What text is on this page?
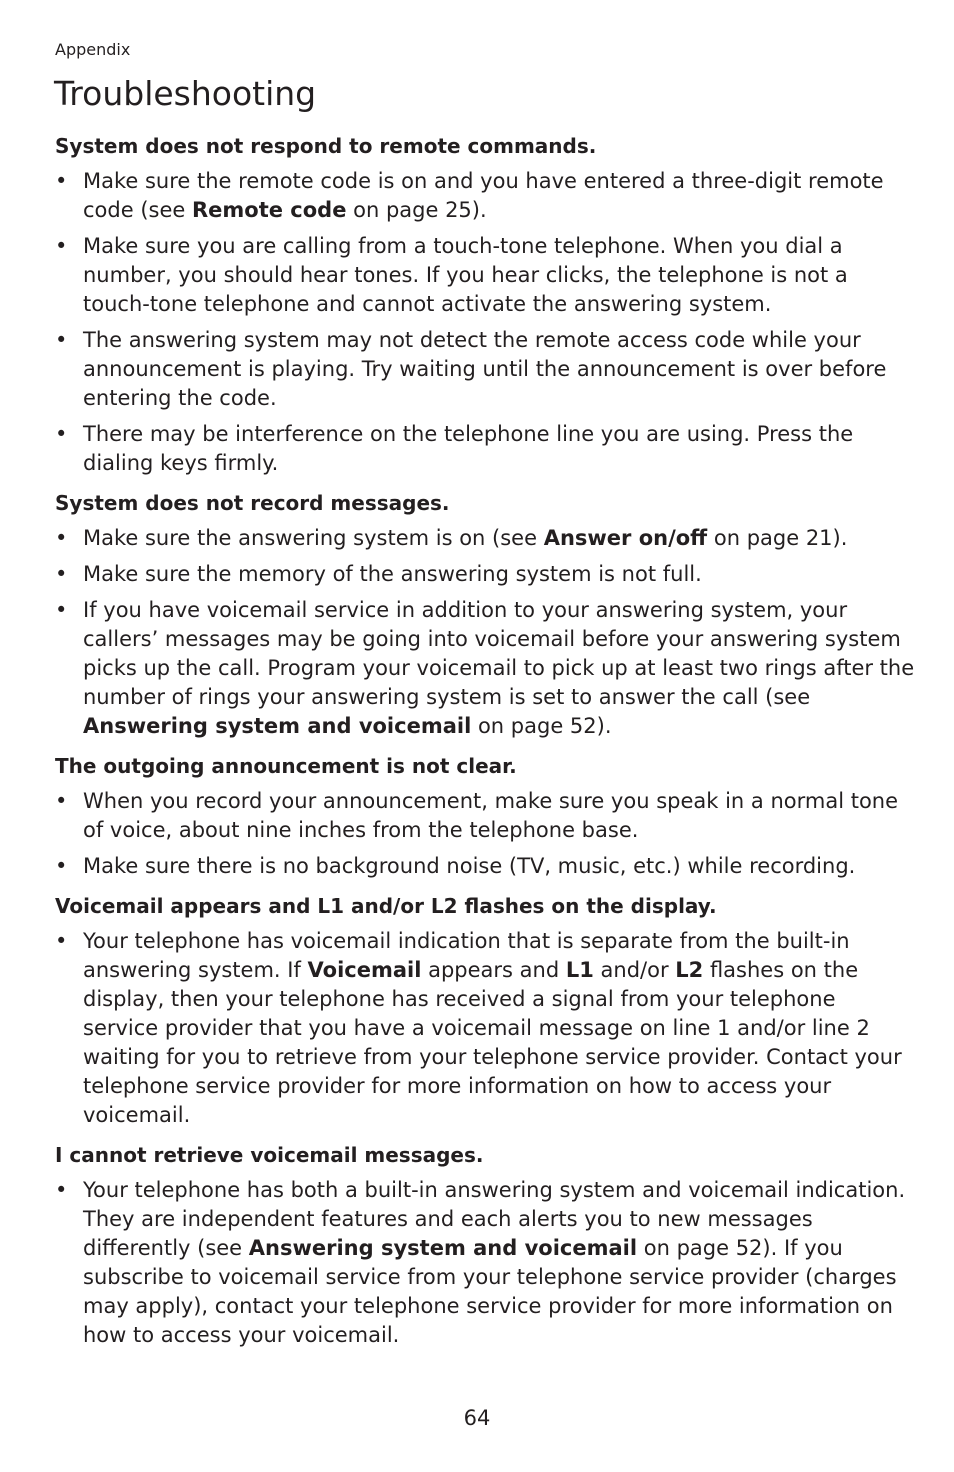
Appendix
Troubleshooting
System does not respond to remote commands.
• Make sure the remote code is on and you have entered a three-digit remote code (see Remote code on page 25).
• Make sure you are calling from a touch-tone telephone. When you dial a number, you should hear tones. If you hear clicks, the telephone is not a touch-tone telephone and cannot activate the answering system.
• The answering system may not detect the remote access code while your announcement is playing. Try waiting until the announcement is over before entering the code.
• There may be interference on the telephone line you are using. Press the dialing keys firmly.
System does not record messages.
• Make sure the answering system is on (see Answer on/off on page 21).
• Make sure the memory of the answering system is not full.
• If you have voicemail service in addition to your answering system, your callers’ messages may be going into voicemail before your answering system picks up the call. Program your voicemail to pick up at least two rings after the number of rings your answering system is set to answer the call (see Answering system and voicemail on page 52).
The outgoing announcement is not clear.
• When you record your announcement, make sure you speak in a normal tone of voice, about nine inches from the telephone base.
• Make sure there is no background noise (TV, music, etc.) while recording.
Voicemail appears and L1 and/or L2 flashes on the display.
• Your telephone has voicemail indication that is separate from the built-in answering system. If Voicemail appears and L1 and/or L2 flashes on the display, then your telephone has received a signal from your telephone service provider that you have a voicemail message on line 1 and/or line 2 waiting for you to retrieve from your telephone service provider. Contact your telephone service provider for more information on how to access your voicemail.
I cannot retrieve voicemail messages.
• Your telephone has both a built-in answering system and voicemail indication. They are independent features and each alerts you to new messages differently (see Answering system and voicemail on page 52). If you subscribe to voicemail service from your telephone service provider (charges may apply), contact your telephone service provider for more information on how to access your voicemail.
64
